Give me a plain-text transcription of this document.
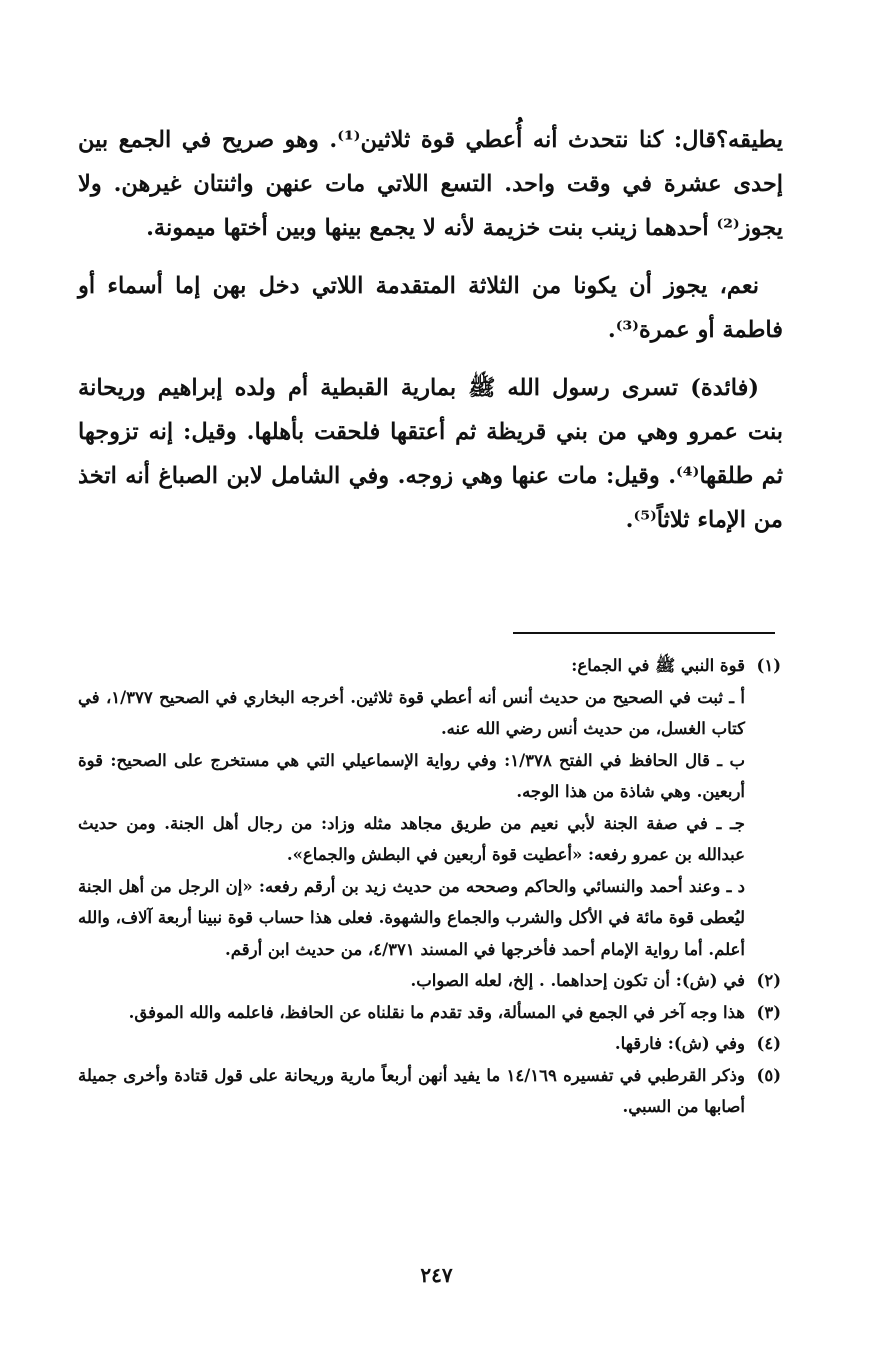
يطيقه؟قال: كنا نتحدث أنه أُعطي قوة ثلاثين⁽¹⁾. وهو صريح في الجمع بين إحدى عشرة في وقت واحد. التسع اللاتي مات عنهن واثنتان غيرهن. ولا يجوز⁽²⁾ أحدهما زينب بنت خزيمة لأنه لا يجمع بينها وبين أختها ميمونة.

نعم، يجوز أن يكونا من الثلاثة المتقدمة اللاتي دخل بهن إما أسماء أو فاطمة أو عمرة⁽³⁾.

(فائدة) تسرى رسول الله ﷺ بمارية القبطية أم ولده إبراهيم وريحانة بنت عمرو وهي من بني قريظة ثم أعتقها فلحقت بأهلها. وقيل: إنه تزوجها ثم طلقها⁽⁴⁾. وقيل: مات عنها وهي زوجه. وفي الشامل لابن الصباغ أنه اتخذ من الإماء ثلاثاً⁽⁵⁾.

(١)

قوة النبي ﷺ في الجماع:

أ ـ ثبت في الصحيح من حديث أنس أنه أعطي قوة ثلاثين. أخرجه البخاري في الصحيح ١/٣٧٧، في كتاب الغسل، من حديث أنس رضي الله عنه.

ب ـ قال الحافظ في الفتح ١/٣٧٨: وفي رواية الإسماعيلي التي هي مستخرج على الصحيح: قوة أربعين. وهي شاذة من هذا الوجه.

جـ ـ في صفة الجنة لأبي نعيم من طريق مجاهد مثله وزاد: من رجال أهل الجنة. ومن حديث عبدالله بن عمرو رفعه: «أعطيت قوة أربعين في البطش والجماع».

د ـ وعند أحمد والنسائي والحاكم وصححه من حديث زيد بن أرقم رفعه: «إن الرجل من أهل الجنة ليُعطى قوة مائة في الأكل والشرب والجماع والشهوة. فعلى هذا حساب قوة نبينا أربعة آلاف، والله أعلم. أما رواية الإمام أحمد فأخرجها في المسند ٤/٣٧١، من حديث ابن أرقم.

(٢)
في (ش): أن تكون إحداهما. . إلخ، لعله الصواب.
(٣)
هذا وجه آخر في الجمع في المسألة، وقد تقدم ما نقلناه عن الحافظ، فاعلمه والله الموفق.
(٤)
وفي (ش): فارقها.
(٥)
وذكر القرطبي في تفسيره ١٤/١٦٩ ما يفيد أنهن أربعاً مارية وريحانة على قول قتادة وأخرى جميلة أصابها من السبي.
٢٤٧
